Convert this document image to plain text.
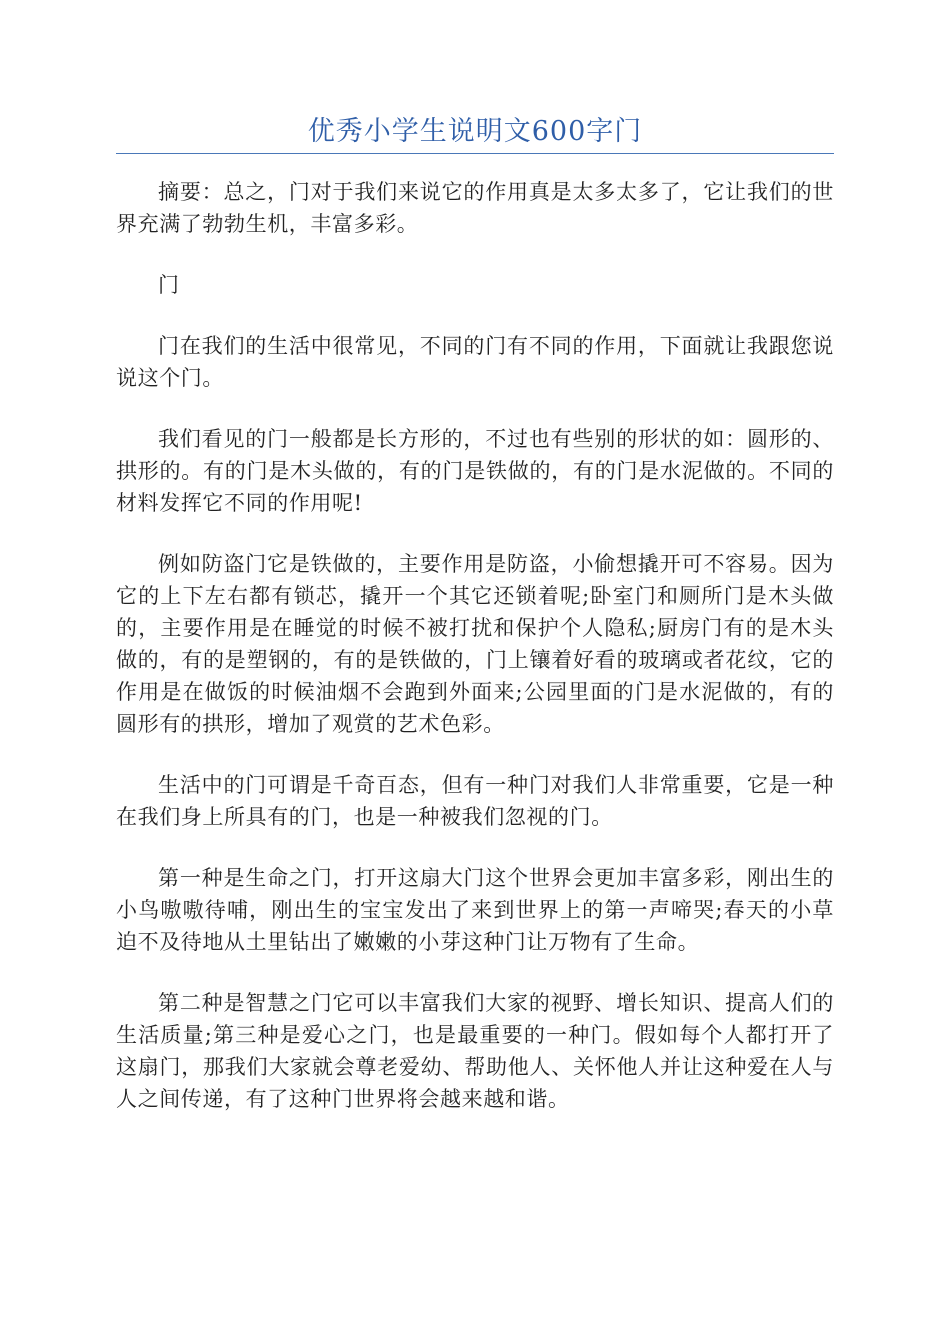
优秀小学生说明文600字门

摘要：总之，门对于我们来说它的作用真是太多太多了，它让我们的世界充满了勃勃生机，丰富多彩。

门

门在我们的生活中很常见，不同的门有不同的作用，下面就让我跟您说说这个门。

我们看见的门一般都是长方形的，不过也有些别的形状的如：圆形的、拱形的。有的门是木头做的，有的门是铁做的，有的门是水泥做的。不同的材料发挥它不同的作用呢!

例如防盗门它是铁做的，主要作用是防盗，小偷想撬开可不容易。因为它的上下左右都有锁芯，撬开一个其它还锁着呢;卧室门和厕所门是木头做的，主要作用是在睡觉的时候不被打扰和保护个人隐私;厨房门有的是木头做的，有的是塑钢的，有的是铁做的，门上镶着好看的玻璃或者花纹，它的作用是在做饭的时候油烟不会跑到外面来;公园里面的门是水泥做的，有的圆形有的拱形，增加了观赏的艺术色彩。

生活中的门可谓是千奇百态，但有一种门对我们人非常重要，它是一种在我们身上所具有的门，也是一种被我们忽视的门。

第一种是生命之门，打开这扇大门这个世界会更加丰富多彩，刚出生的小鸟嗷嗷待哺，刚出生的宝宝发出了来到世界上的第一声啼哭;春天的小草迫不及待地从土里钻出了嫩嫩的小芽这种门让万物有了生命。

第二种是智慧之门它可以丰富我们大家的视野、增长知识、提高人们的生活质量;第三种是爱心之门，也是最重要的一种门。假如每个人都打开了这扇门，那我们大家就会尊老爱幼、帮助他人、关怀他人并让这种爱在人与人之间传递，有了这种门世界将会越来越和谐。
